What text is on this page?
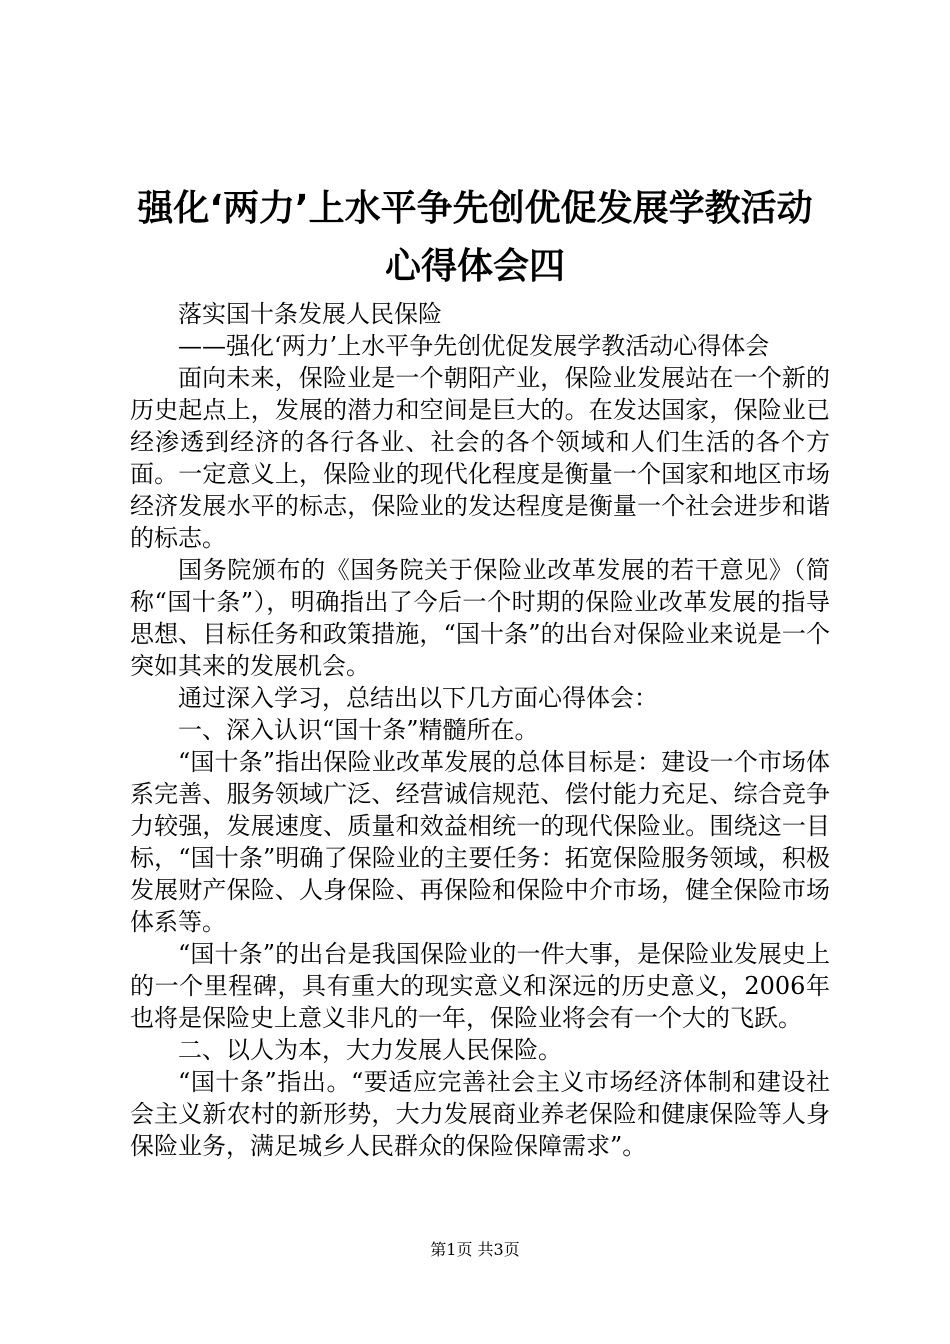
强化‘两力’上水平争先创优促发展学教活动
心得体会四

落实国十条发展人民保险

——强化‘两力’上水平争先创优促发展学教活动心得体会

面向未来，保险业是一个朝阳产业，保险业发展站在一个新的历史起点上，发展的潜力和空间是巨大的。在发达国家，保险业已经渗透到经济的各行各业、社会的各个领域和人们生活的各个方面。一定意义上，保险业的现代化程度是衡量一个国家和地区市场经济发展水平的标志，保险业的发达程度是衡量一个社会进步和谐的标志。

国务院颁布的《国务院关于保险业改革发展的若干意见》（简称“国十条”），明确指出了今后一个时期的保险业改革发展的指导思想、目标任务和政策措施，“国十条”的出台对保险业来说是一个突如其来的发展机会。

通过深入学习，总结出以下几方面心得体会：

一、深入认识“国十条”精髓所在。

“国十条”指出保险业改革发展的总体目标是：建设一个市场体系完善、服务领域广泛、经营诚信规范、偿付能力充足、综合竞争力较强，发展速度、质量和效益相统一的现代保险业。围绕这一目标，“国十条”明确了保险业的主要任务：拓宽保险服务领域，积极发展财产保险、人身保险、再保险和保险中介市场，健全保险市场体系等。

“国十条”的出台是我国保险业的一件大事，是保险业发展史上的一个里程碑，具有重大的现实意义和深远的历史意义，2006年也将是保险史上意义非凡的一年，保险业将会有一个大的飞跃。

二、以人为本，大力发展人民保险。

“国十条”指出。“要适应完善社会主义市场经济体制和建设社会主义新农村的新形势，大力发展商业养老保险和健康保险等人身保险业务，满足城乡人民群众的保险保障需求”。

第1页 共3页
